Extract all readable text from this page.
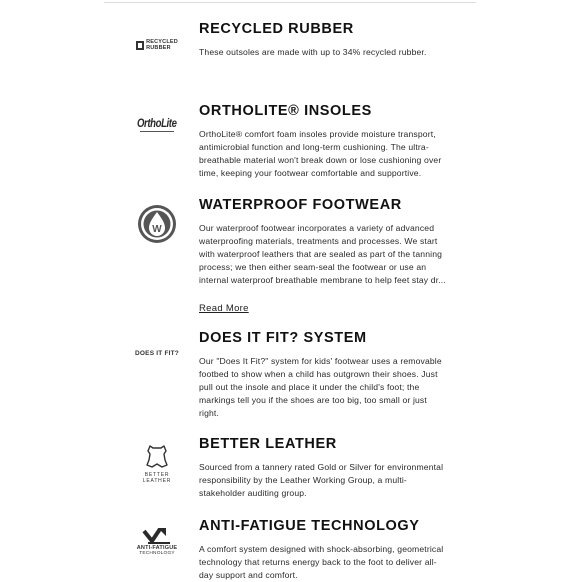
RECYCLED
RUBBER
RECYCLED RUBBER

These outsoles are made with up to 34% recycled rubber.

OrthoLite
ORTHOLITE® INSOLES

OrthoLite® comfort foam insoles provide moisture transport, antimicrobial function and long-term cushioning. The ultra-breathable material won't break down or lose cushioning over time, keeping your footwear comfortable and supportive.

W
WATERPROOF FOOTWEAR

Our waterproof footwear incorporates a variety of advanced waterproofing materials, treatments and processes. We start with waterproof leathers that are sealed as part of the tanning process; we then either seam-seal the footwear or use an internal waterproof breathable membrane to help feet stay dr...

Read More
DOES IT FIT?
DOES IT FIT? SYSTEM

Our "Does It Fit?" system for kids' footwear uses a removable footbed to show when a child has outgrown their shoes. Just pull out the insole and place it under the child's foot; the markings tell you if the shoes are too big, too small or just right.

BETTER
LEATHER
BETTER LEATHER

Sourced from a tannery rated Gold or Silver for environmental responsibility by the Leather Working Group, a multi-stakeholder auditing group.

ANTI-FATIGUE
TECHNOLOGY
ANTI-FATIGUE TECHNOLOGY

A comfort system designed with shock-absorbing, geometrical technology that returns energy back to the foot to deliver all-day support and comfort.
